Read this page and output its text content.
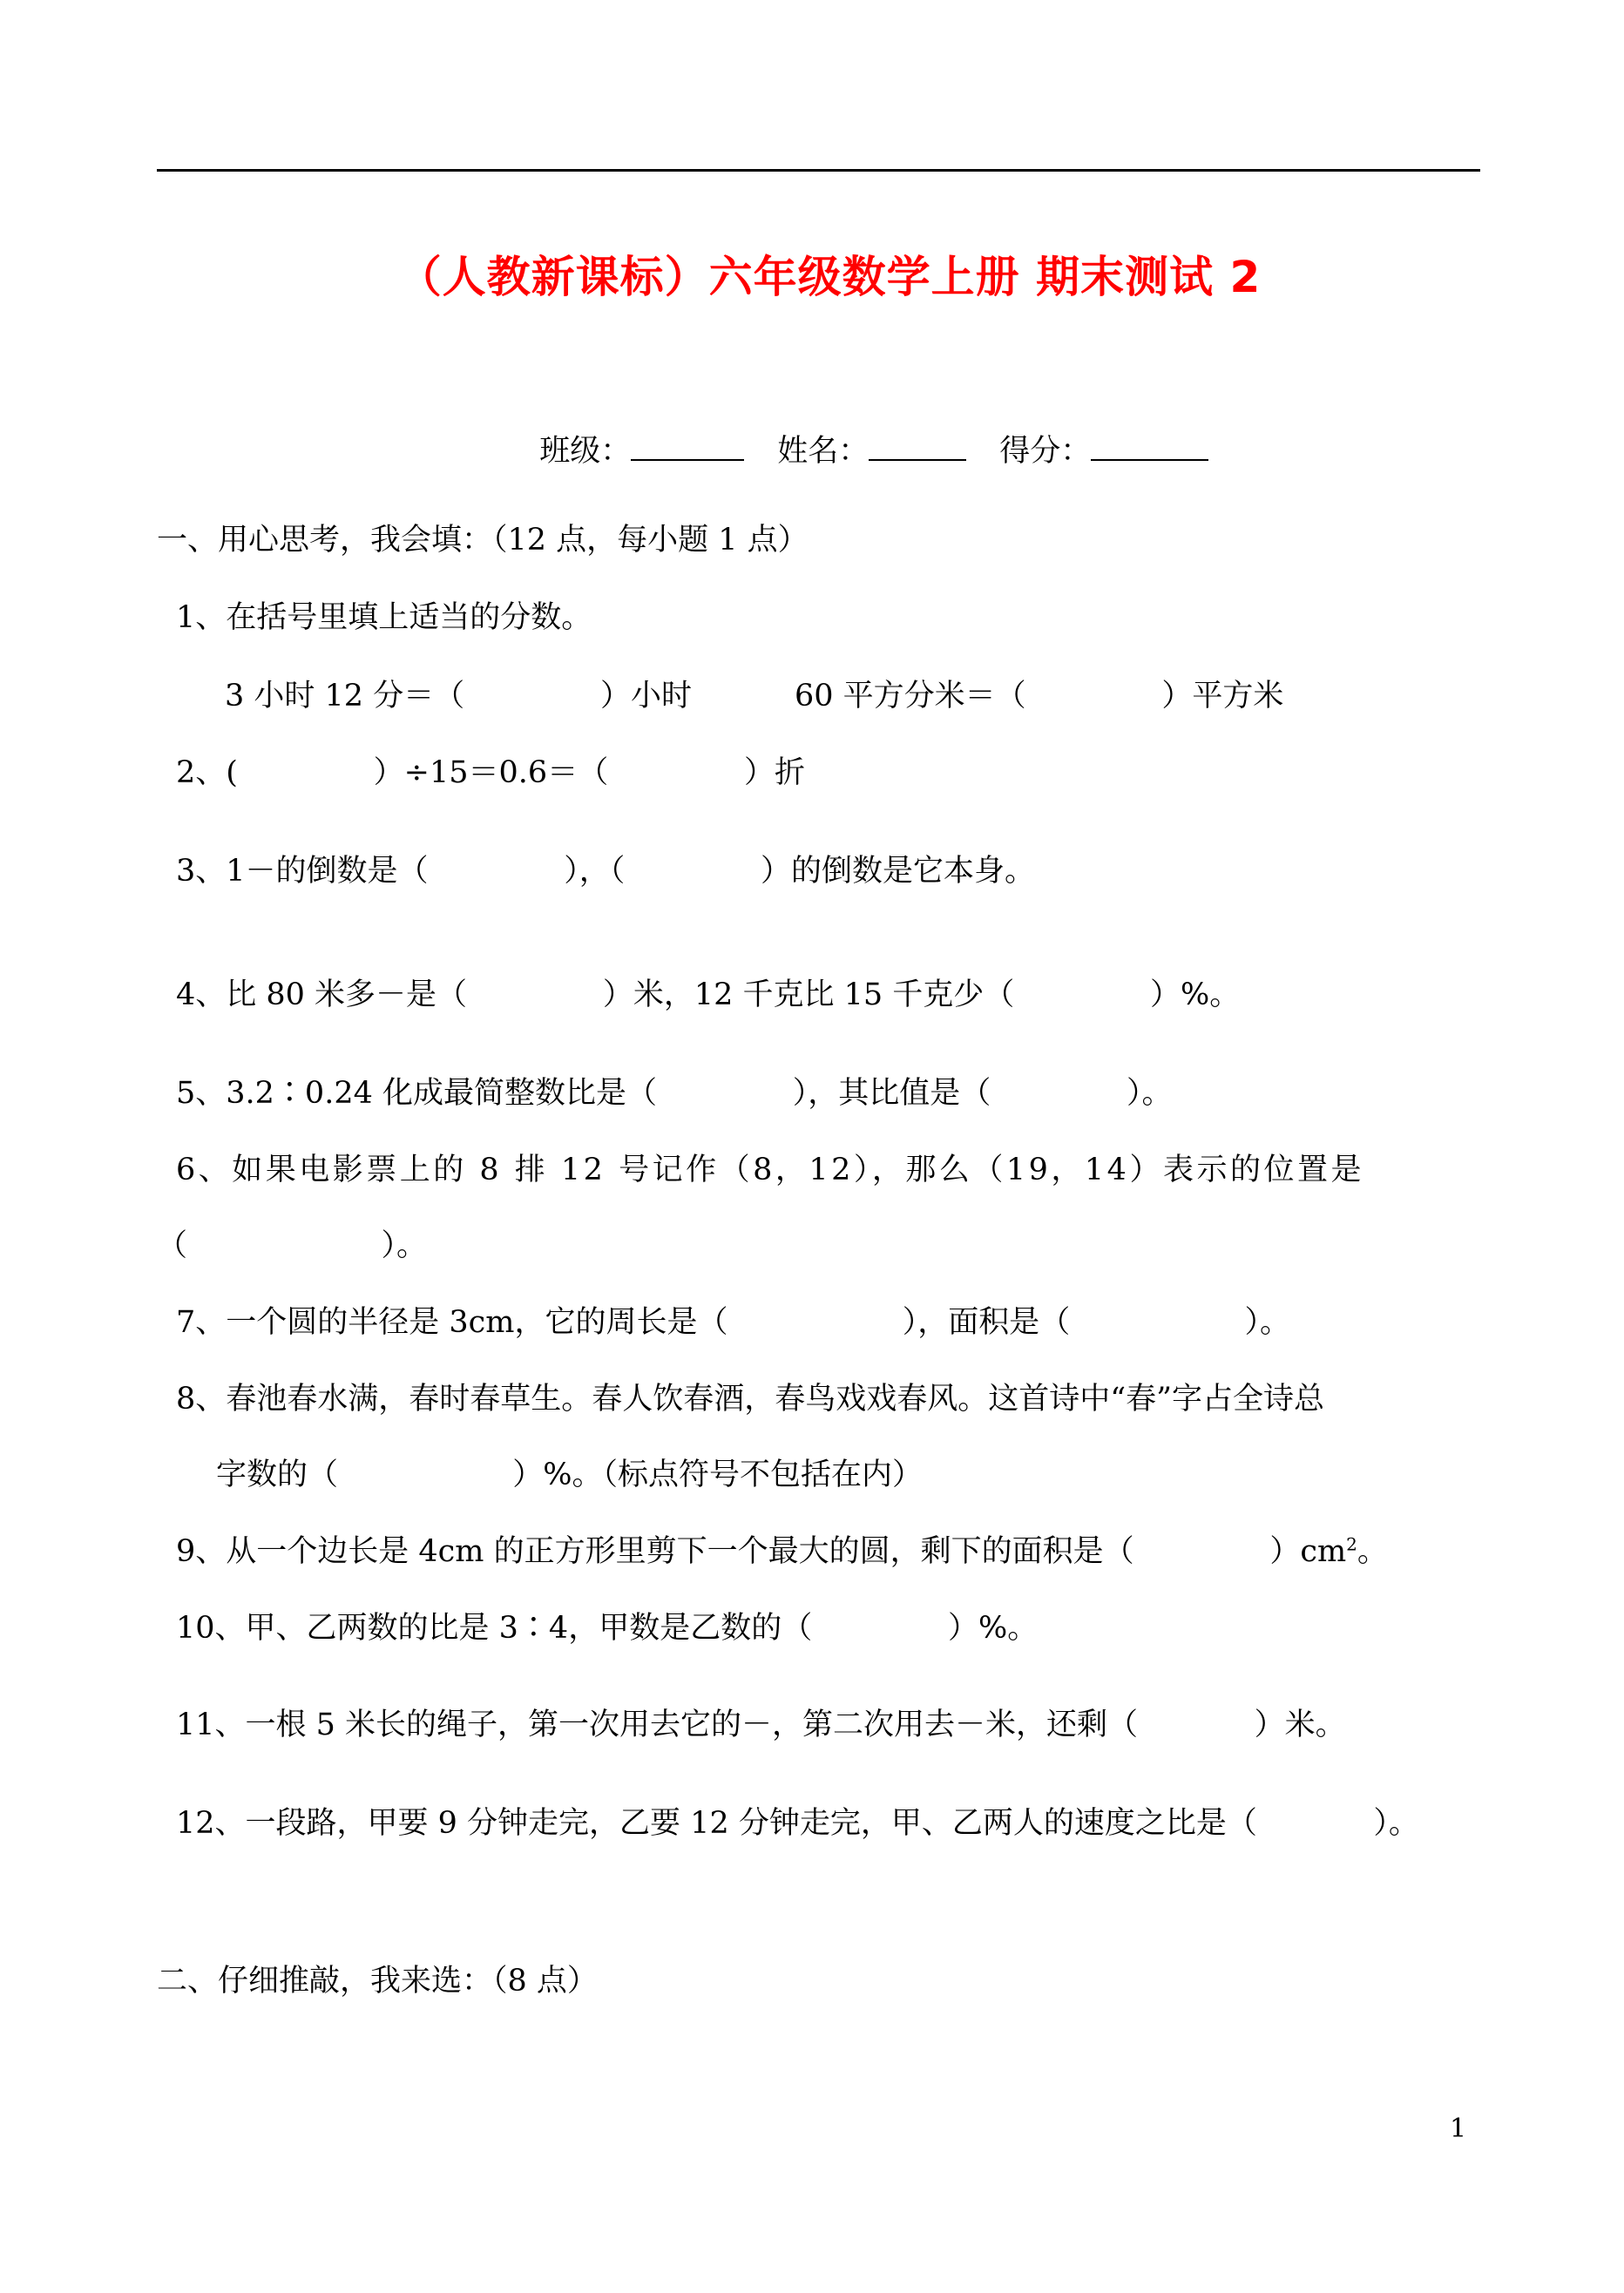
（人教新课标）六年级数学上册 期末测试 2

班级：	姓名：	得分：

一、用心思考，我会填：（12 点，每小题 1 点）
1、在括号里填上适当的分数。
3 小时 12 分＝（              ）小时	60 平方分米＝（              ）平方米
2、(              ）÷15＝0.6＝（              ）折
3、1－的倒数是（              ），（              ）的倒数是它本身。
4、比 80 米多－是（              ）米，12 千克比 15 千克少（              ）%。
5、3.2∶0.24 化成最简整数比是（              ），其比值是（              ）。
6、如果电影票上的 8 排 12 号记作（8，12），那么（19，14）表示的位置是
（                    ）。
7、一个圆的半径是 3cm，它的周长是（                  ），面积是（                  ）。
8、春池春水满，春时春草生。春人饮春酒，春鸟戏戏春风。这首诗中“春”字占全诗总
字数的（                  ）%。（标点符号不包括在内）
9、从一个边长是 4cm 的正方形里剪下一个最大的圆，剩下的面积是（              ）$cm^2$。
10、甲、乙两数的比是 3∶4，甲数是乙数的（              ）%。
11、一根 5 米长的绳子，第一次用去它的－，第二次用去－米，还剩（            ）米。
12、一段路，甲要 9 分钟走完，乙要 12 分钟走完，甲、乙两人的速度之比是（            ）。
二、仔细推敲，我来选：（8 点）
1
